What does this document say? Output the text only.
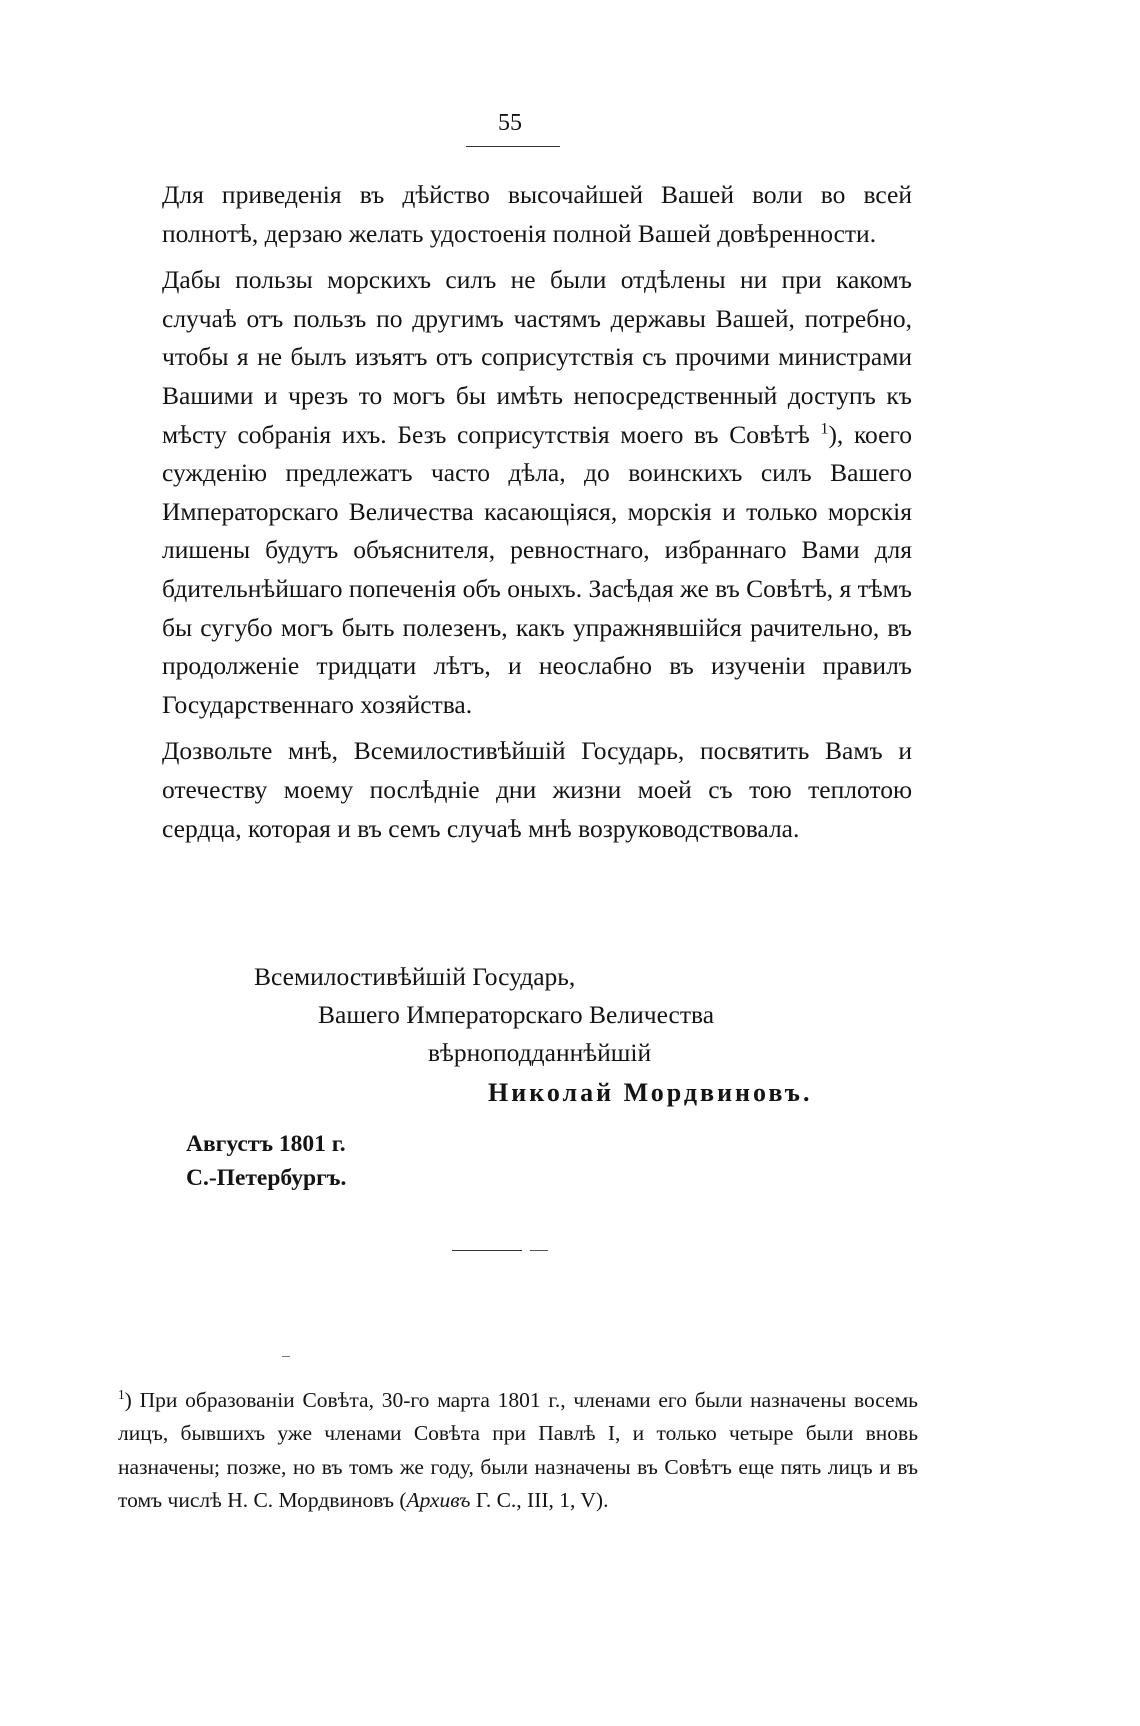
55

Для приведенія въ дѣйство высочайшей Вашей воли во всей полнотѣ, дерзаю желать удостоенія полной Вашей довѣренности.

Дабы пользы морскихъ силъ не были отдѣлены ни при какомъ случаѣ отъ пользъ по другимъ частямъ державы Вашей, потребно, чтобы я не былъ изъятъ отъ соприсутствія съ прочими министрами Вашими и чрезъ то могъ бы имѣть непосредственный доступъ къ мѣсту собранія ихъ. Безъ соприсутствія моего въ Совѣтѣ $^1$), коего сужденію предлежатъ часто дѣла, до воинскихъ силъ Вашего Императорскаго Величества касающіяся, морскія и только морскія лишены будутъ объяснителя, ревностнаго, избраннаго Вами для бдительнѣйшаго попеченія объ оныхъ. Засѣдая же въ Совѣтѣ, я тѣмъ бы сугубо могъ быть полезенъ, какъ упражнявшійся рачительно, въ продолженіе тридцати лѣтъ, и неослабно въ изученіи правилъ Государственнаго хозяйства.

Дозвольте мнѣ, Всемилостивѣйшій Государь, посвятить Вамъ и отечеству моему послѣдніе дни жизни моей съ тою теплотою сердца, которая и въ семъ случаѣ мнѣ возруководствовала.

Всемилостивѣйшій Государь,
Вашего Императорскаго Величества
вѣрноподданнѣйшій
Николай Мордвиновъ.
Августъ 1801 г.
С.-Петербургъ.
$^1$) При образованіи Совѣта, 30-го марта 1801 г., членами его были назначены восемь лицъ, бывшихъ уже членами Совѣта при Павлѣ I, и только четыре были вновь назначены; позже, но въ томъ же году, были назначены въ Совѣтъ еще пять лицъ и въ томъ числѣ Н. С. Мордвиновъ (Архивъ Г. С., III, 1, V).
